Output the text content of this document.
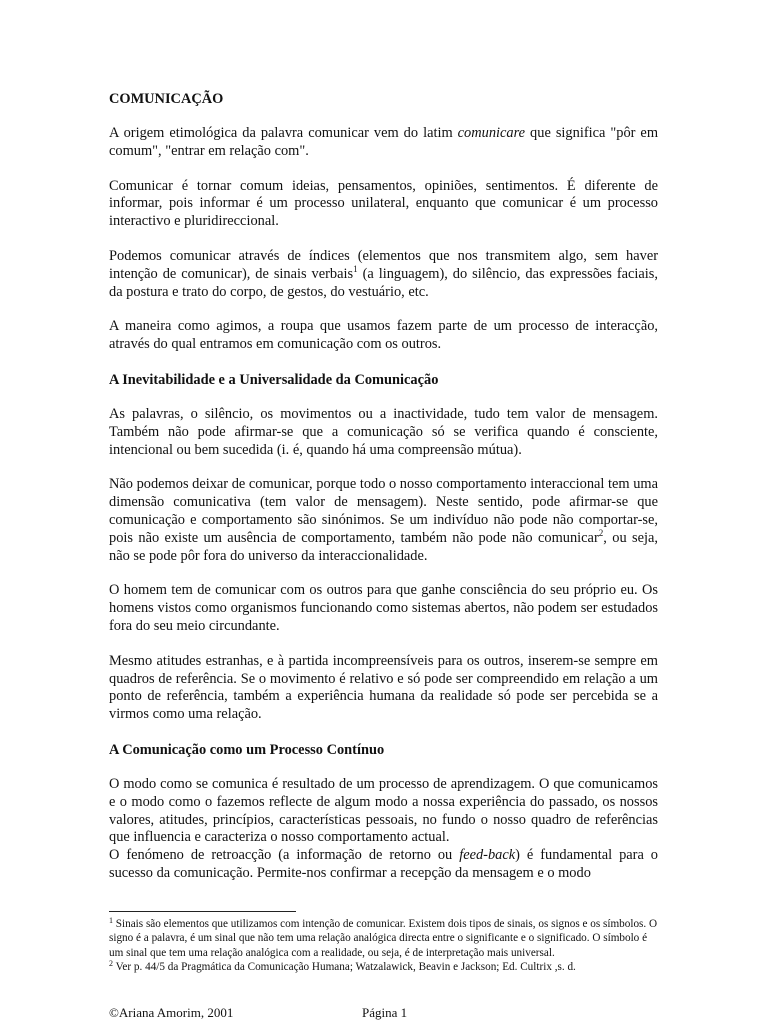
COMUNICAÇÃO

A origem etimológica da palavra comunicar vem do latim comunicare que significa "pôr em comum", "entrar em relação com".

Comunicar é tornar comum ideias, pensamentos, opiniões, sentimentos. É diferente de informar, pois informar é um processo unilateral, enquanto que comunicar é um processo interactivo e pluridireccional.

Podemos comunicar através de índices (elementos que nos transmitem algo, sem haver intenção de comunicar), de sinais verbais$^1$ (a linguagem), do silêncio, das expressões faciais, da postura e trato do corpo, de gestos, do vestuário, etc.

A maneira como agimos, a roupa que usamos fazem parte de um processo de interacção, através do qual entramos em comunicação com os outros.

A Inevitabilidade e a Universalidade da Comunicação

As palavras, o silêncio, os movimentos ou a inactividade, tudo tem valor de mensagem. Também não pode afirmar-se que a comunicação só se verifica quando é consciente, intencional ou bem sucedida (i. é, quando há uma compreensão mútua).

Não podemos deixar de comunicar, porque todo o nosso comportamento interaccional tem uma dimensão comunicativa (tem valor de mensagem). Neste sentido, pode afirmar-se que comunicação e comportamento são sinónimos. Se um indivíduo não pode não comportar-se, pois não existe um ausência de comportamento, também não pode não comunicar$^2$, ou seja, não se pode pôr fora do universo da interaccionalidade.

O homem tem de comunicar com os outros para que ganhe consciência do seu próprio eu. Os homens vistos como organismos funcionando como sistemas abertos, não podem ser estudados fora do seu meio circundante.

Mesmo atitudes estranhas, e à partida incompreensíveis para os outros, inserem-se sempre em quadros de referência. Se o movimento é relativo e só pode ser compreendido em relação a um ponto de referência, também a experiência humana da realidade só pode ser percebida se a virmos como uma relação.

A Comunicação como um Processo Contínuo

O modo como se comunica é resultado de um processo de aprendizagem. O que comunicamos e o modo como o fazemos reflecte de algum modo a nossa experiência do passado, os nossos valores, atitudes, princípios, características pessoais, no fundo o nosso quadro de referências que influencia e caracteriza o nosso comportamento actual.

O fenómeno de retroacção (a informação de retorno ou feed-back) é fundamental para o sucesso da comunicação. Permite-nos confirmar a recepção da mensagem e o modo

$^1$ Sinais são elementos que utilizamos com intenção de comunicar. Existem dois tipos de sinais, os signos e os símbolos. O signo é a palavra, é um sinal que não tem uma relação analógica directa entre o significante e o significado. O símbolo é um sinal que tem uma relação analógica com a realidade, ou seja, é de interpretação mais universal.

$^2$ Ver p. 44/5 da Pragmática da Comunicação Humana; Watzalawick, Beavin e Jackson; Ed. Cultrix ,s. d.

©Ariana Amorim, 2001	Página 1
